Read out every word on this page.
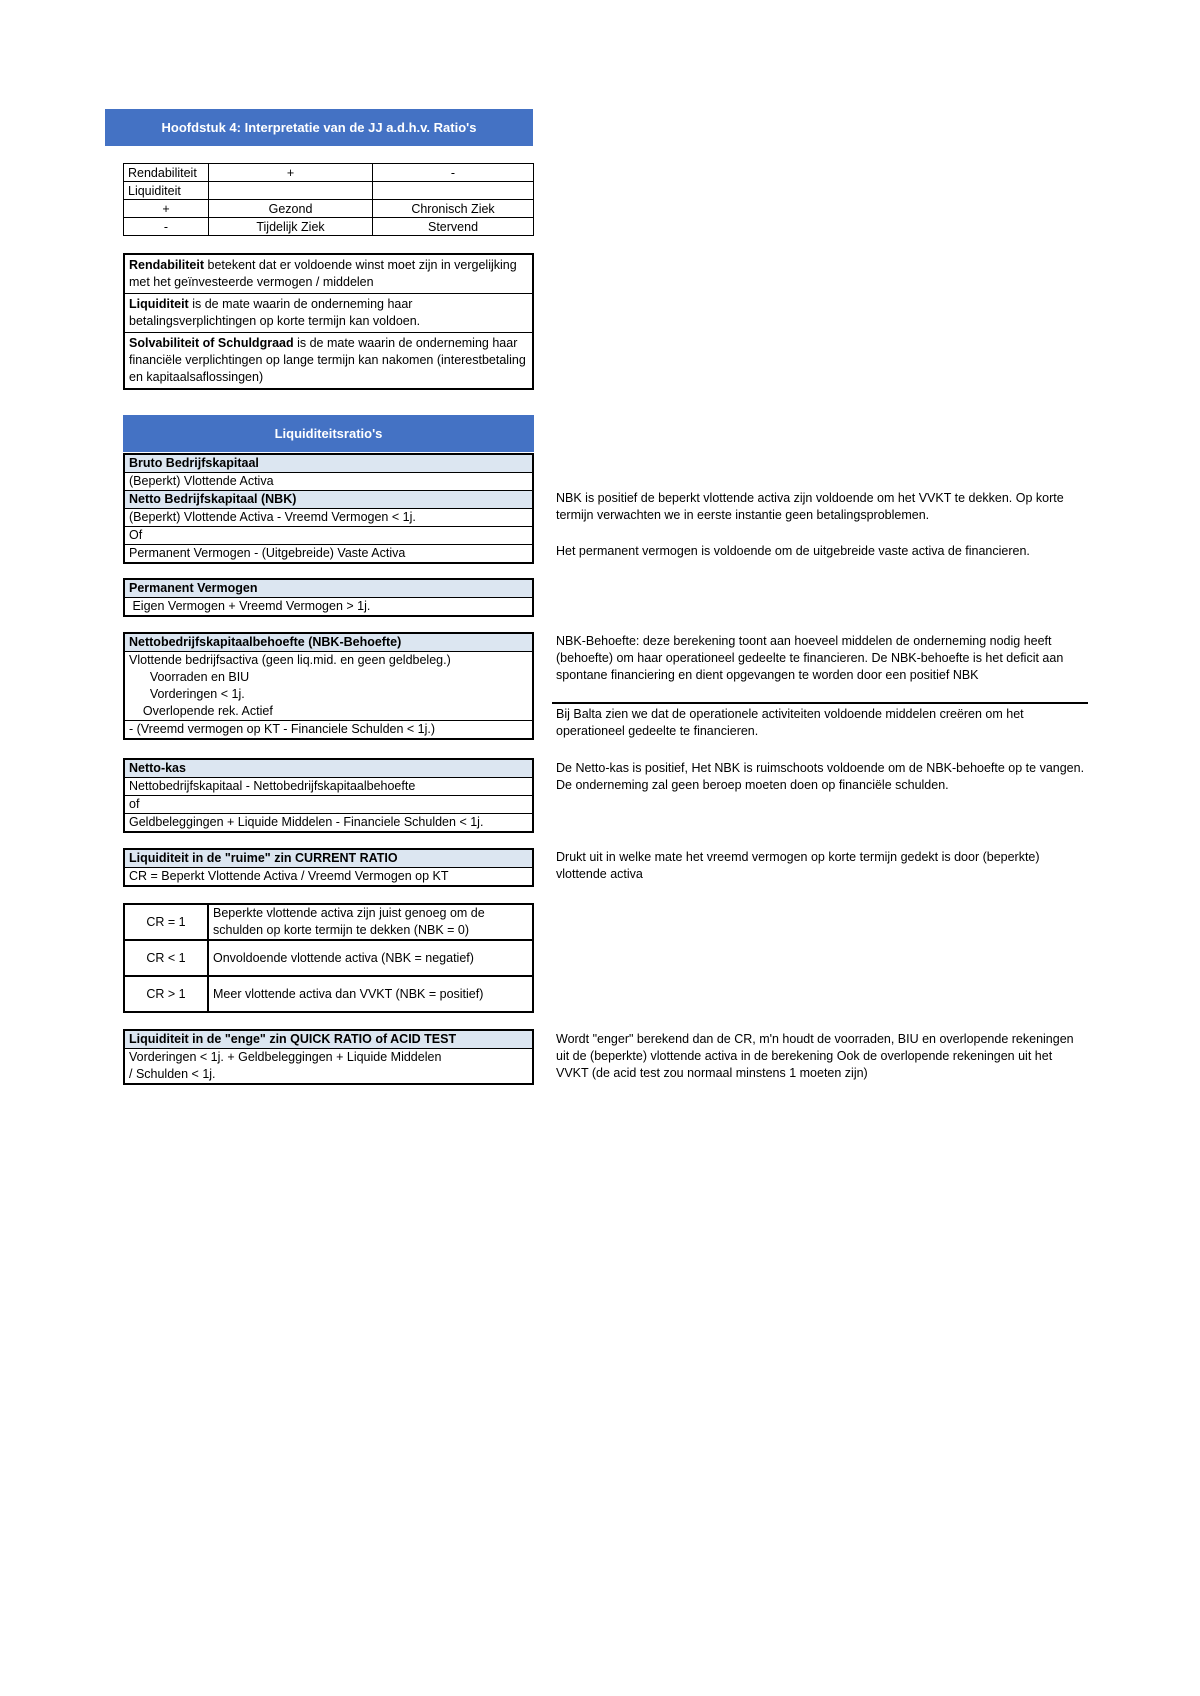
Hoofdstuk 4: Interpretatie van de JJ a.d.h.v. Ratio's
Rendabiliteit	+	-
Liquiditeit		
+	Gezond	Chronisch Ziek
-	Tijdelijk Ziek	Stervend
Rendabiliteit betekent dat er voldoende winst moet zijn in vergelijking met het geïnvesteerde vermogen / middelen
Liquiditeit is de mate waarin de onderneming haar betalingsverplichtingen op korte termijn kan voldoen.
Solvabiliteit of Schuldgraad is de mate waarin de onderneming haar financiële verplichtingen op lange termijn kan nakomen (interestbetaling en kapitaalsaflossingen)
Liquiditeitsratio's
Bruto Bedrijfskapitaal
(Beperkt) Vlottende Activa
Netto Bedrijfskapitaal (NBK)
(Beperkt) Vlottende Activa - Vreemd Vermogen < 1j.
Of
Permanent Vermogen - (Uitgebreide) Vaste Activa
NBK is positief de beperkt vlottende activa zijn voldoende om het VVKT te dekken. Op korte termijn verwachten we in eerste instantie geen betalingsproblemen.
Het permanent vermogen is voldoende om de uitgebreide vaste activa de financieren.
Permanent Vermogen
Eigen Vermogen + Vreemd Vermogen > 1j.
Nettobedrijfskapitaalbehoefte (NBK-Behoefte)
Vlottende bedrijfsactiva (geen liq.mid. en geen geldbeleg.)
Voorraden en BIU
Vorderingen < 1j.
Overlopende rek. Actief
- (Vreemd vermogen op KT - Financiele Schulden < 1j.)
NBK-Behoefte: deze berekening toont aan hoeveel middelen de onderneming nodig heeft (behoefte) om haar operationeel gedeelte te financieren. De NBK-behoefte is het deficit aan spontane financiering en dient opgevangen te worden door een positief NBK
Bij Balta zien we dat de operationele activiteiten voldoende middelen creëren om het operationeel gedeelte te financieren.
Netto-kas
Nettobedrijfskapitaal - Nettobedrijfskapitaalbehoefte
of
Geldbeleggingen + Liquide Middelen - Financiele Schulden < 1j.
De Netto-kas is positief, Het NBK is ruimschoots voldoende om de NBK-behoefte op te vangen. De onderneming zal geen beroep moeten doen op financiële schulden.
Liquiditeit in de "ruime" zin CURRENT RATIO
CR = Beperkt Vlottende Activa / Vreemd Vermogen op KT
Drukt uit in welke mate het vreemd vermogen op korte termijn gedekt is door (beperkte) vlottende activa
CR = 1	Beperkte vlottende activa zijn juist genoeg om de schulden op korte termijn te dekken (NBK = 0)
CR < 1	Onvoldoende vlottende activa (NBK = negatief)
CR > 1	Meer vlottende activa dan VVKT (NBK = positief)
Liquiditeit in de "enge" zin QUICK RATIO of ACID TEST
Vorderingen < 1j. + Geldbeleggingen + Liquide Middelen
/ Schulden < 1j.
Wordt "enger" berekend dan de CR, m'n houdt de voorraden, BIU en overlopende rekeningen uit de (beperkte) vlottende activa in de berekening Ook de overlopende rekeningen uit het VVKT (de acid test zou normaal minstens 1 moeten zijn)
